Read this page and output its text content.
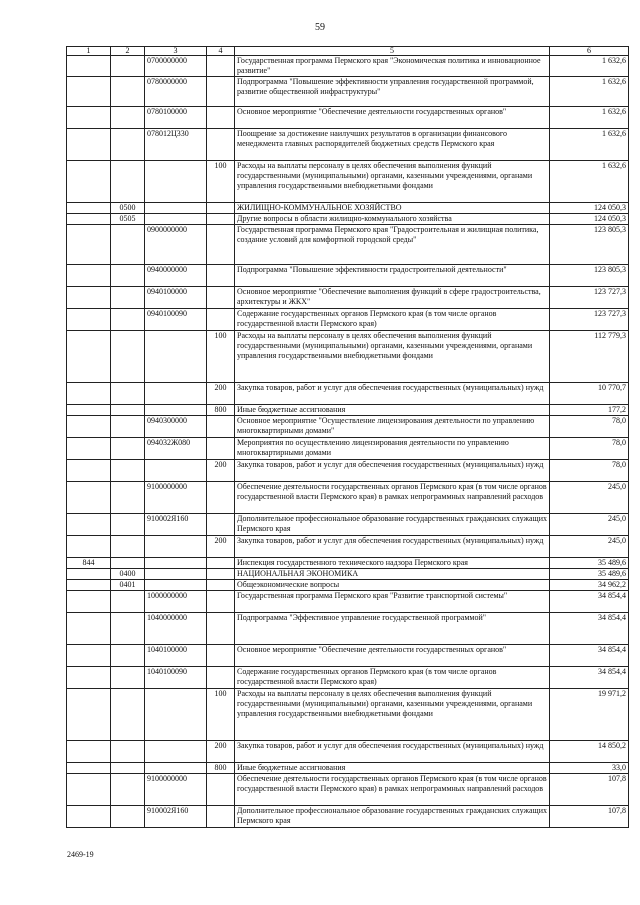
59
1	2	3	4	5	6
		0700000000		Государственная программа Пермского края "Экономическая политика и инновационное развитие"	1 632,6
		0780000000		Подпрограмма "Повышение эффективности управления государственной программой, развитие общественной инфраструктуры"	1 632,6
		0780100000		Основное мероприятие "Обеспечение деятельности государственных органов"	1 632,6
		078012Ц330		Поощрение за достижение наилучших результатов в организации финансового менеджмента главных распорядителей бюджетных средств Пермского края	1 632,6
			100	Расходы на выплаты персоналу в целях обеспечения выполнения функций государственными (муниципальными) органами, казенными учреждениями, органами управления государственными внебюджетными фондами	1 632,6
	0500			ЖИЛИЩНО-КОММУНАЛЬНОЕ ХОЗЯЙСТВО	124 050,3
	0505			Другие вопросы в области жилищно-коммунального хозяйства	124 050,3
		0900000000		Государственная программа Пермского края "Градостроительная и жилищная политика, создание условий для комфортной городской среды"	123 805,3
		0940000000		Подпрограмма "Повышение эффективности градостроительной деятельности"	123 805,3
		0940100000		Основное мероприятие "Обеспечение выполнения функций в сфере градостроительства, архитектуры и ЖКХ"	123 727,3
		0940100090		Содержание государственных органов Пермского края (в том числе органов государственной власти Пермского края)	123 727,3
			100	Расходы на выплаты персоналу в целях обеспечения выполнения функций государственными (муниципальными) органами, казенными учреждениями, органами управления государственными внебюджетными фондами	112 779,3
			200	Закупка товаров, работ и услуг для обеспечения государственных (муниципальных) нужд	10 770,7
			800	Иные бюджетные ассигнования	177,2
		0940300000		Основное мероприятие "Осуществление лицензирования деятельности по управлению многоквартирными домами"	78,0
		094032Ж080		Мероприятия по осуществлению лицензирования деятельности по управлению многоквартирными домами	78,0
			200	Закупка товаров, работ и услуг для обеспечения государственных (муниципальных) нужд	78,0
		9100000000		Обеспечение деятельности государственных органов Пермского края (в том числе органов государственной власти Пермского края) в рамках непрограммных направлений расходов	245,0
		910002Я160		Дополнительное профессиональное образование государственных гражданских служащих Пермского края	245,0
			200	Закупка товаров, работ и услуг для обеспечения государственных (муниципальных) нужд	245,0
844				Инспекция государственного технического надзора Пермского края	35 489,6
	0400			НАЦИОНАЛЬНАЯ ЭКОНОМИКА	35 489,6
	0401			Общеэкономические вопросы	34 962,2
		1000000000		Государственная программа Пермского края "Развитие транспортной системы"	34 854,4
		1040000000		Подпрограмма "Эффективное управление государственной программой"	34 854,4
		1040100000		Основное мероприятие "Обеспечение деятельности государственных органов"	34 854,4
		1040100090		Содержание государственных органов Пермского края (в том числе органов государственной власти Пермского края)	34 854,4
			100	Расходы на выплаты персоналу в целях обеспечения выполнения функций государственными (муниципальными) органами, казенными учреждениями, органами управления государственными внебюджетными фондами	19 971,2
			200	Закупка товаров, работ и услуг для обеспечения государственных (муниципальных) нужд	14 850,2
			800	Иные бюджетные ассигнования	33,0
		9100000000		Обеспечение деятельности государственных органов Пермского края (в том числе органов государственной власти Пермского края) в рамках непрограммных направлений расходов	107,8
		910002Я160		Дополнительное профессиональное образование государственных гражданских служащих Пермского края	107,8
2469-19
